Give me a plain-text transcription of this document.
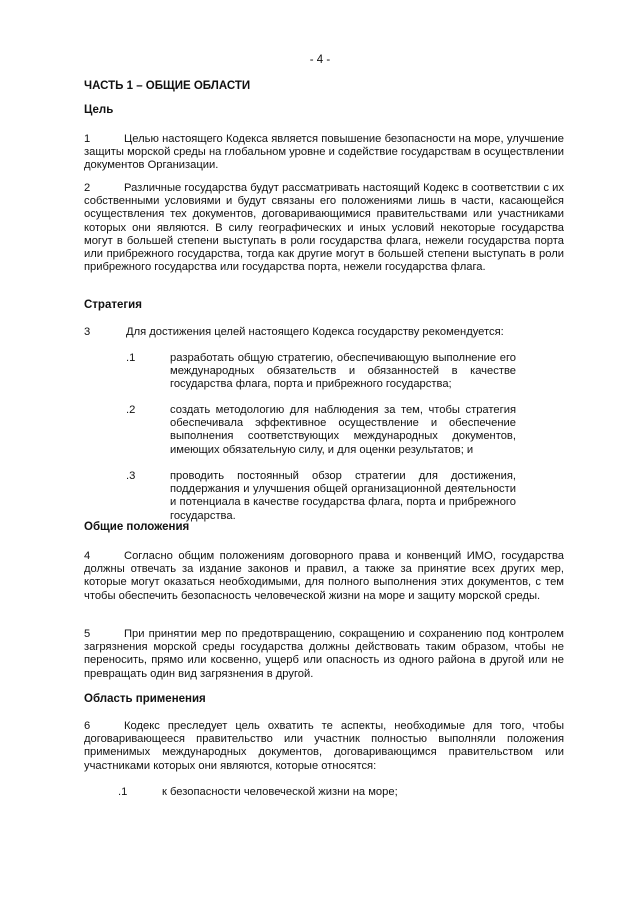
- 4 -
ЧАСТЬ 1 – ОБЩИЕ ОБЛАСТИ
Цель
1	Целью настоящего Кодекса является повышение безопасности на море, улучшение защиты морской среды на глобальном уровне и содействие государствам в осуществлении документов Организации.
2	Различные государства будут рассматривать настоящий Кодекс в соответствии с их собственными условиями и будут связаны его положениями лишь в части, касающейся осуществления тех документов, договаривающимися правительствами или участниками которых они являются. В силу географических и иных условий некоторые государства могут в большей степени выступать в роли государства флага, нежели государства порта или прибрежного государства, тогда как другие могут в большей степени выступать в роли прибрежного государства или государства порта, нежели государства флага.
Стратегия
3	Для достижения целей настоящего Кодекса государству рекомендуется:
.1	разработать общую стратегию, обеспечивающую выполнение его международных обязательств и обязанностей в качестве государства флага, порта и прибрежного государства;
.2	создать методологию для наблюдения за тем, чтобы стратегия обеспечивала эффективное осуществление и обеспечение выполнения соответствующих международных документов, имеющих обязательную силу, и для оценки результатов; и
.3	проводить постоянный обзор стратегии для достижения, поддержания и улучшения общей организационной деятельности и потенциала в качестве государства флага, порта и прибрежного государства.
Общие положения
4	Согласно общим положениям договорного права и конвенций ИМО, государства должны отвечать за издание законов и правил, а также за принятие всех других мер, которые могут оказаться необходимыми, для полного выполнения этих документов, с тем чтобы обеспечить безопасность человеческой жизни на море и защиту морской среды.
5	При принятии мер по предотвращению, сокращению и сохранению под контролем загрязнения морской среды государства должны действовать таким образом, чтобы не переносить, прямо или косвенно, ущерб или опасность из одного района в другой или не превращать один вид загрязнения в другой.
Область применения
6	Кодекс преследует цель охватить те аспекты, необходимые для того, чтобы договаривающееся правительство или участник полностью выполняли положения применимых международных документов, договаривающимся правительством или участниками которых они являются, которые относятся:
.1	к безопасности человеческой жизни на море;
